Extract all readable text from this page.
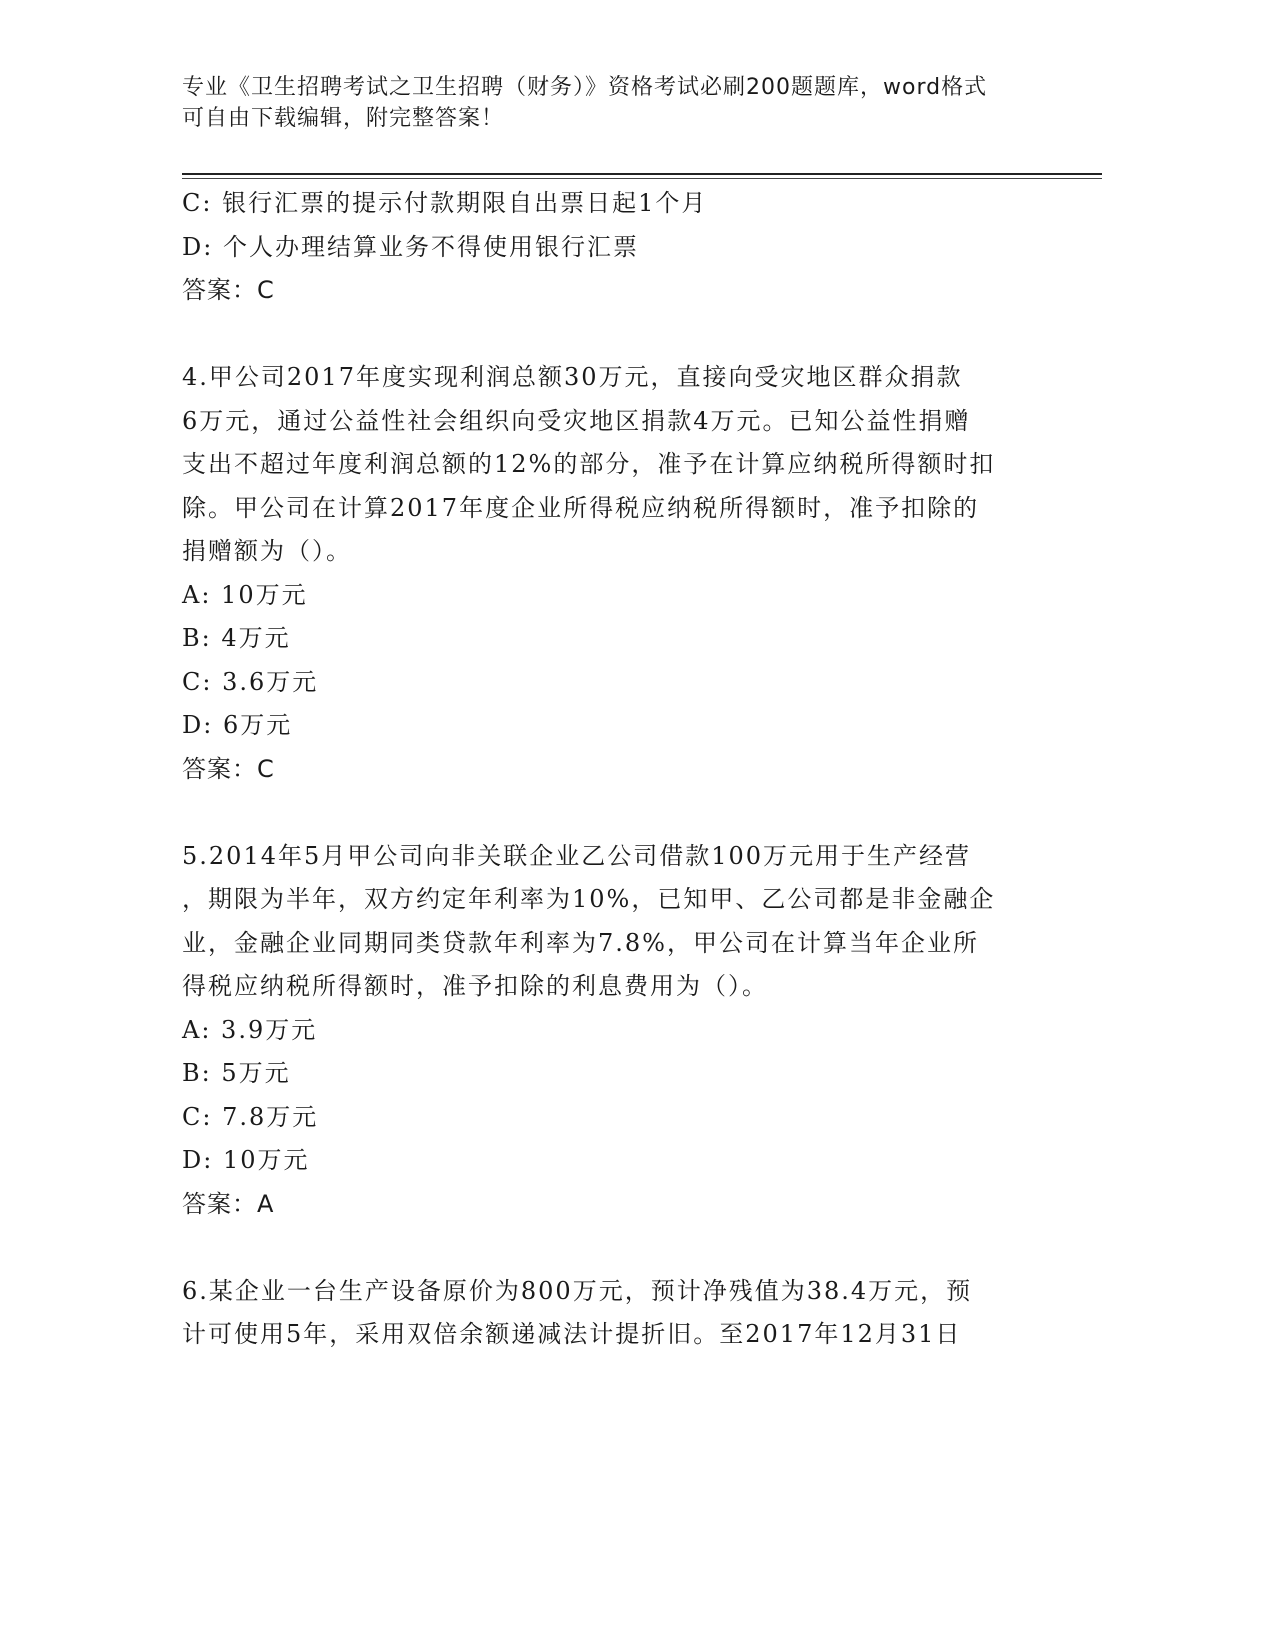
专业《卫生招聘考试之卫生招聘（财务）》资格考试必刷200题题库，word格式
可自由下载编辑，附完整答案！
C: 银行汇票的提示付款期限自出票日起1个月
D: 个人办理结算业务不得使用银行汇票
答案：C
4.甲公司2017年度实现利润总额30万元，直接向受灾地区群众捐款
6万元，通过公益性社会组织向受灾地区捐款4万元。已知公益性捐赠
支出不超过年度利润总额的12%的部分，准予在计算应纳税所得额时扣
除。甲公司在计算2017年度企业所得税应纳税所得额时，准予扣除的
捐赠额为（）。
A: 10万元
B: 4万元
C: 3.6万元
D: 6万元
答案：C
5.2014年5月甲公司向非关联企业乙公司借款100万元用于生产经营
，期限为半年，双方约定年利率为10%，已知甲、乙公司都是非金融企
业，金融企业同期同类贷款年利率为7.8%，甲公司在计算当年企业所
得税应纳税所得额时，准予扣除的利息费用为（）。
A: 3.9万元
B: 5万元
C: 7.8万元
D: 10万元
答案：A
6.某企业一台生产设备原价为800万元，预计净残值为38.4万元，预
计可使用5年，采用双倍余额递减法计提折旧。至2017年12月31日
